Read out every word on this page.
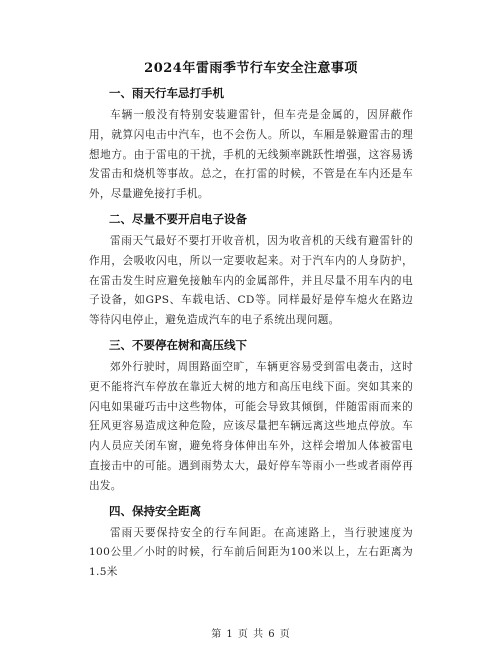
2024年雷雨季节行车安全注意事项
一、雨天行车忌打手机

车辆一般没有特别安装避雷针，但车壳是金属的，因屏蔽作用，就算闪电击中汽车，也不会伤人。所以，车厢是躲避雷击的理想地方。由于雷电的干扰，手机的无线频率跳跃性增强，这容易诱发雷击和烧机等事故。总之，在打雷的时候，不管是在车内还是车外，尽量避免接打手机。

二、尽量不要开启电子设备

雷雨天气最好不要打开收音机，因为收音机的天线有避雷针的作用，会吸收闪电，所以一定要收起来。对于汽车内的人身防护，在雷击发生时应避免接触车内的金属部件，并且尽量不用车内的电子设备，如GPS、车载电话、CD等。同样最好是停车熄火在路边等待闪电停止，避免造成汽车的电子系统出现问题。

三、不要停在树和高压线下

郊外行驶时，周围路面空旷，车辆更容易受到雷电袭击，这时更不能将汽车停放在靠近大树的地方和高压电线下面。突如其来的闪电如果碰巧击中这些物体，可能会导致其倾倒，伴随雷雨而来的狂风更容易造成这种危险，应该尽量把车辆远离这些地点停放。车内人员应关闭车窗，避免将身体伸出车外，这样会增加人体被雷电直接击中的可能。遇到雨势太大，最好停车等雨小一些或者雨停再出发。

四、保持安全距离

雷雨天要保持安全的行车间距。在高速路上，当行驶速度为100公里／小时的时候，行车前后间距为100米以上，左右距离为1.5米

第 1 页 共 6 页
